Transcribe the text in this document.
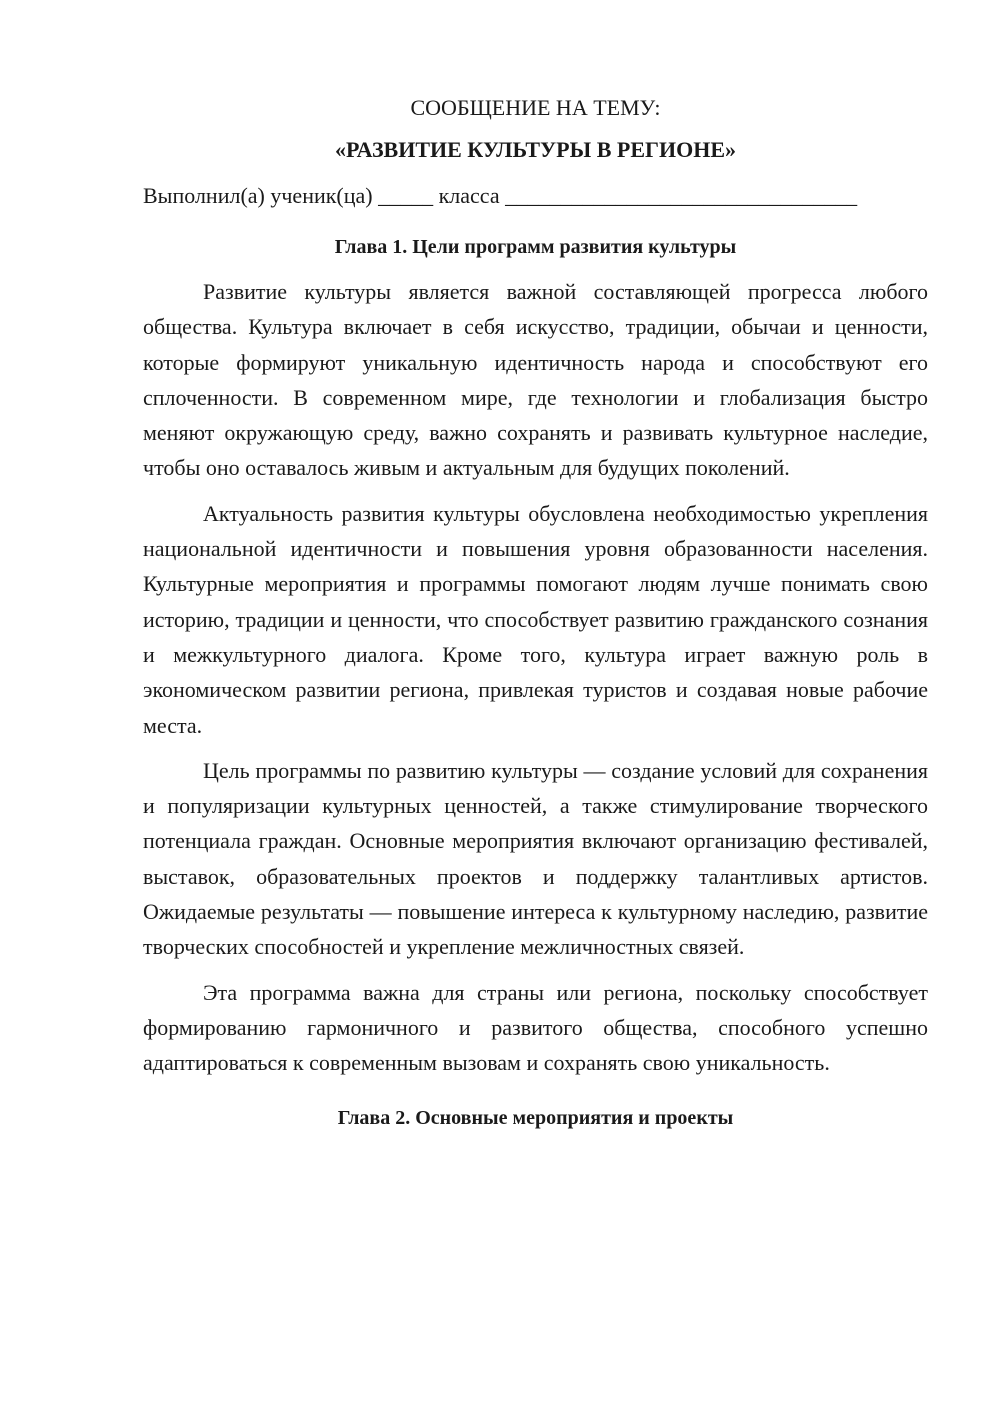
СООБЩЕНИЕ НА ТЕМУ:

«РАЗВИТИЕ КУЛЬТУРЫ В РЕГИОНЕ»

Выполнил(а) ученик(ца) _____ класса ________________________________

Глава 1. Цели программ развития культуры

Развитие культуры является важной составляющей прогресса любого общества. Культура включает в себя искусство, традиции, обычаи и ценности, которые формируют уникальную идентичность народа и способствуют его сплоченности. В современном мире, где технологии и глобализация быстро меняют окружающую среду, важно сохранять и развивать культурное наследие, чтобы оно оставалось живым и актуальным для будущих поколений.

Актуальность развития культуры обусловлена необходимостью укрепления национальной идентичности и повышения уровня образованности населения. Культурные мероприятия и программы помогают людям лучше понимать свою историю, традиции и ценности, что способствует развитию гражданского сознания и межкультурного диалога. Кроме того, культура играет важную роль в экономическом развитии региона, привлекая туристов и создавая новые рабочие места.

Цель программы по развитию культуры — создание условий для сохранения и популяризации культурных ценностей, а также стимулирование творческого потенциала граждан. Основные мероприятия включают организацию фестивалей, выставок, образовательных проектов и поддержку талантливых артистов. Ожидаемые результаты — повышение интереса к культурному наследию, развитие творческих способностей и укрепление межличностных связей.

Эта программа важна для страны или региона, поскольку способствует формированию гармоничного и развитого общества, способного успешно адаптироваться к современным вызовам и сохранять свою уникальность.

Глава 2. Основные мероприятия и проекты
